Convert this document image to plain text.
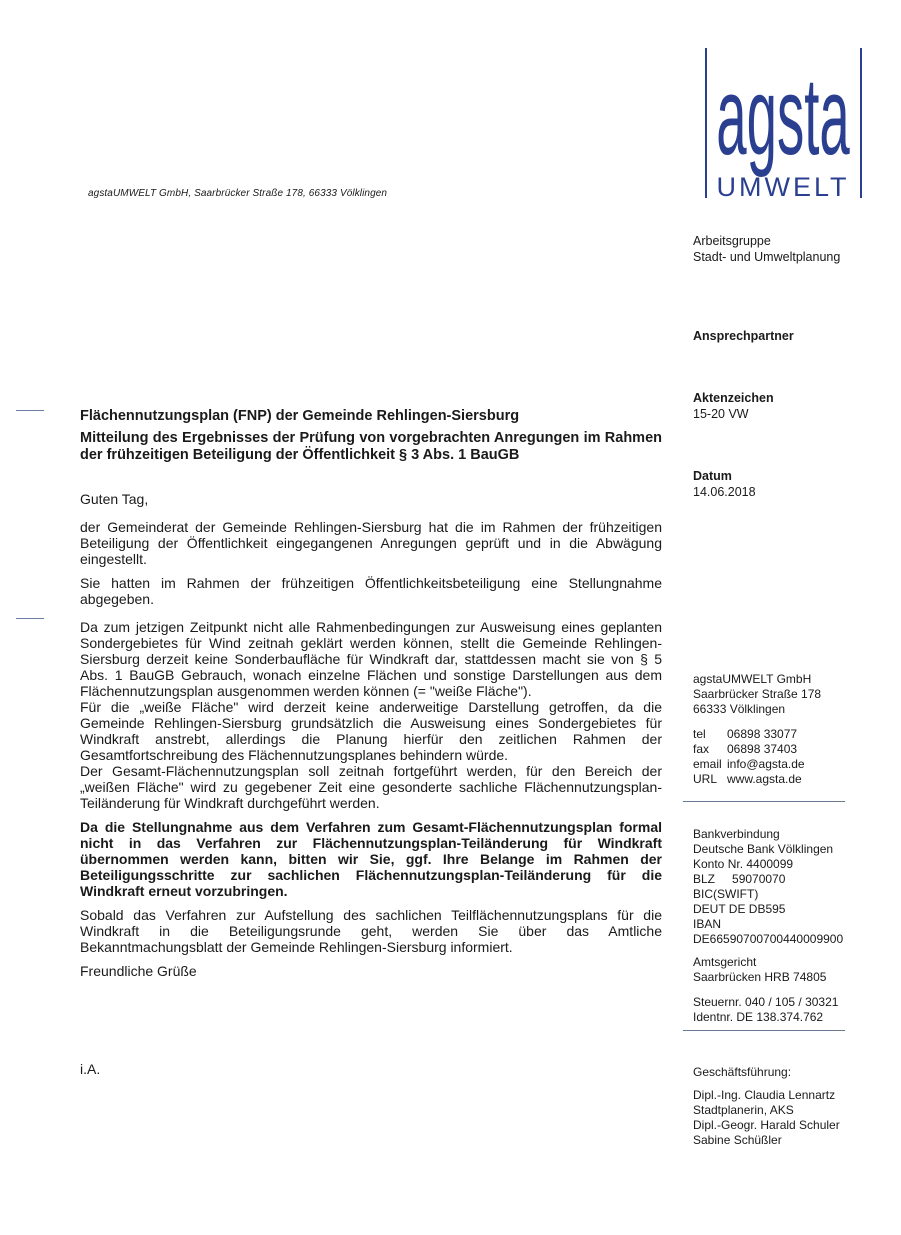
agsta
UMWELT
agstaUMWELT GmbH, Saarbrücker Straße 178, 66333 Völklingen
Arbeitsgruppe
Stadt- und Umweltplanung
Ansprechpartner
Aktenzeichen
15-20 VW
Datum
14.06.2018
agstaUMWELT GmbH
Saarbrücker Straße 178
66333 Völklingen
tel	06898 33077
fax	06898 37403
email	info@agsta.de
URL	www.agsta.de
Bankverbindung
Deutsche Bank Völklingen
Konto Nr. 4400099
BLZ 59070070
BIC(SWIFT)
DEUT DE DB595
IBAN
DE66590700700440009900
Amtsgericht
Saarbrücken HRB 74805
Steuernr. 040 / 105 / 30321
Identnr. DE 138.374.762
Geschäftsführung:
Dipl.-Ing. Claudia Lennartz
Stadtplanerin, AKS
Dipl.-Geogr. Harald Schuler
Sabine Schüßler
Flächennutzungsplan (FNP) der Gemeinde Rehlingen-Siersburg
Mitteilung des Ergebnisses der Prüfung von vorgebrachten Anregungen im Rahmen der frühzeitigen Beteiligung der Öffentlichkeit § 3 Abs. 1 BauGB

Guten Tag,

der Gemeinderat der Gemeinde Rehlingen-Siersburg hat die im Rahmen der frühzeitigen Beteiligung der Öffentlichkeit eingegangenen Anregungen geprüft und in die Abwägung eingestellt.

Sie hatten im Rahmen der frühzeitigen Öffentlichkeitsbeteiligung eine Stellungnahme abgegeben.

Da zum jetzigen Zeitpunkt nicht alle Rahmenbedingungen zur Ausweisung eines geplanten Sondergebietes für Wind zeitnah geklärt werden können, stellt die Gemeinde Rehlingen-Siersburg derzeit keine Sonderbaufläche für Windkraft dar, stattdessen macht sie von § 5 Abs. 1 BauGB Gebrauch, wonach einzelne Flächen und sonstige Darstellungen aus dem Flächennutzungsplan ausgenommen werden können (= "weiße Fläche").
Für die „weiße Fläche" wird derzeit keine anderweitige Darstellung getroffen, da die Gemeinde Rehlingen-Siersburg grundsätzlich die Ausweisung eines Sondergebietes für Windkraft anstrebt, allerdings die Planung hierfür den zeitlichen Rahmen der Gesamtfortschreibung des Flächennutzungsplanes behindern würde.

Der Gesamt-Flächennutzungsplan soll zeitnah fortgeführt werden, für den Bereich der „weißen Fläche" wird zu gegebener Zeit eine gesonderte sachliche Flächennutzungsplan-Teiländerung für Windkraft durchgeführt werden.

Da die Stellungnahme aus dem Verfahren zum Gesamt-Flächennutzungsplan formal nicht in das Verfahren zur Flächennutzungsplan-Teiländerung für Windkraft übernommen werden kann, bitten wir Sie, ggf. Ihre Belange im Rahmen der Beteiligungsschritte zur sachlichen Flächennutzungsplan-Teiländerung für die Windkraft erneut vorzubringen.

Sobald das Verfahren zur Aufstellung des sachlichen Teilflächennutzungsplans für die Windkraft in die Beteiligungsrunde geht, werden Sie über das Amtliche Bekanntmachungsblatt der Gemeinde Rehlingen-Siersburg informiert.

Freundliche Grüße

i.A.
